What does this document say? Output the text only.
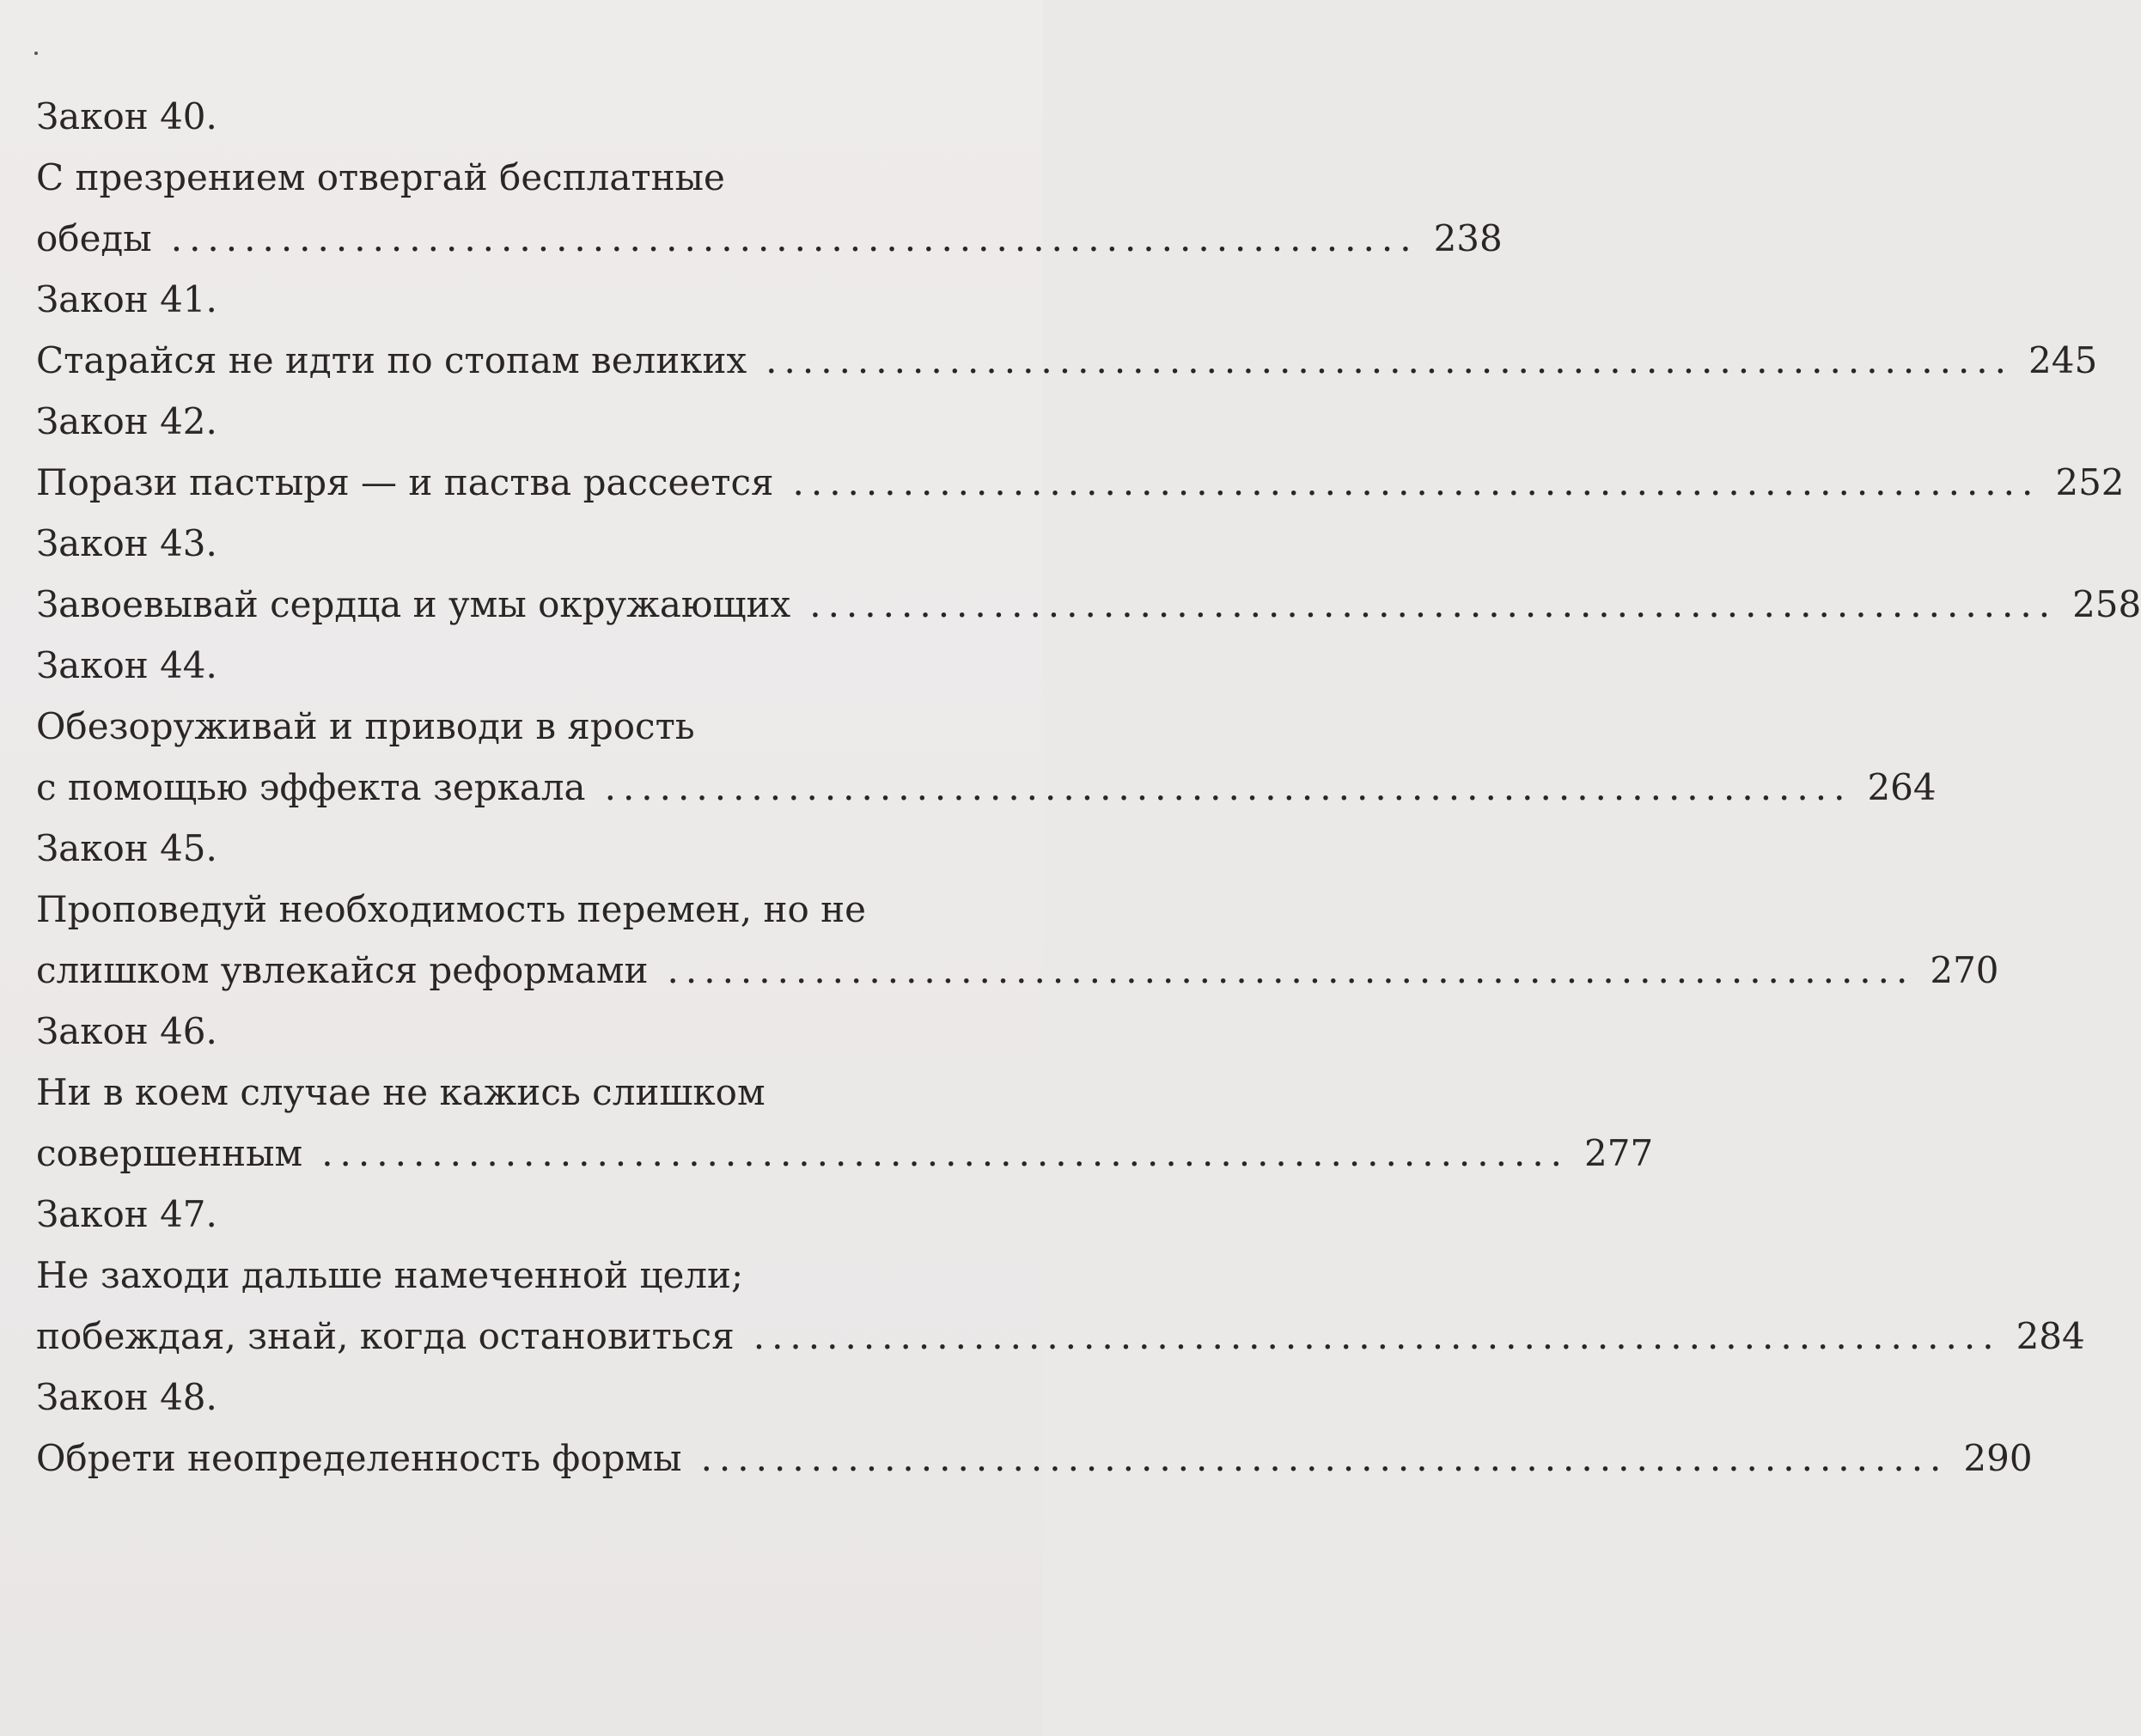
Закон 40.
С презрением отвергай бесплатные
обеды .................................................................... 238
Закон 41.
Старайся не идти по стопам великих .................................................................... 245
Закон 42.
Порази пастыря — и паства рассеется .................................................................... 252
Закон 43.
Завоевывай сердца и умы окружающих .................................................................... 258
Закон 44.
Обезоруживай и приводи в ярость
с помощью эффекта зеркала .................................................................... 264
Закон 45.
Проповедуй необходимость перемен, но не
слишком увлекайся реформами .................................................................... 270
Закон 46.
Ни в коем случае не кажись слишком
совершенным .................................................................... 277
Закон 47.
Не заходи дальше намеченной цели;
побеждая, знай, когда остановиться .................................................................... 284
Закон 48.
Обрети неопределенность формы .................................................................... 290
